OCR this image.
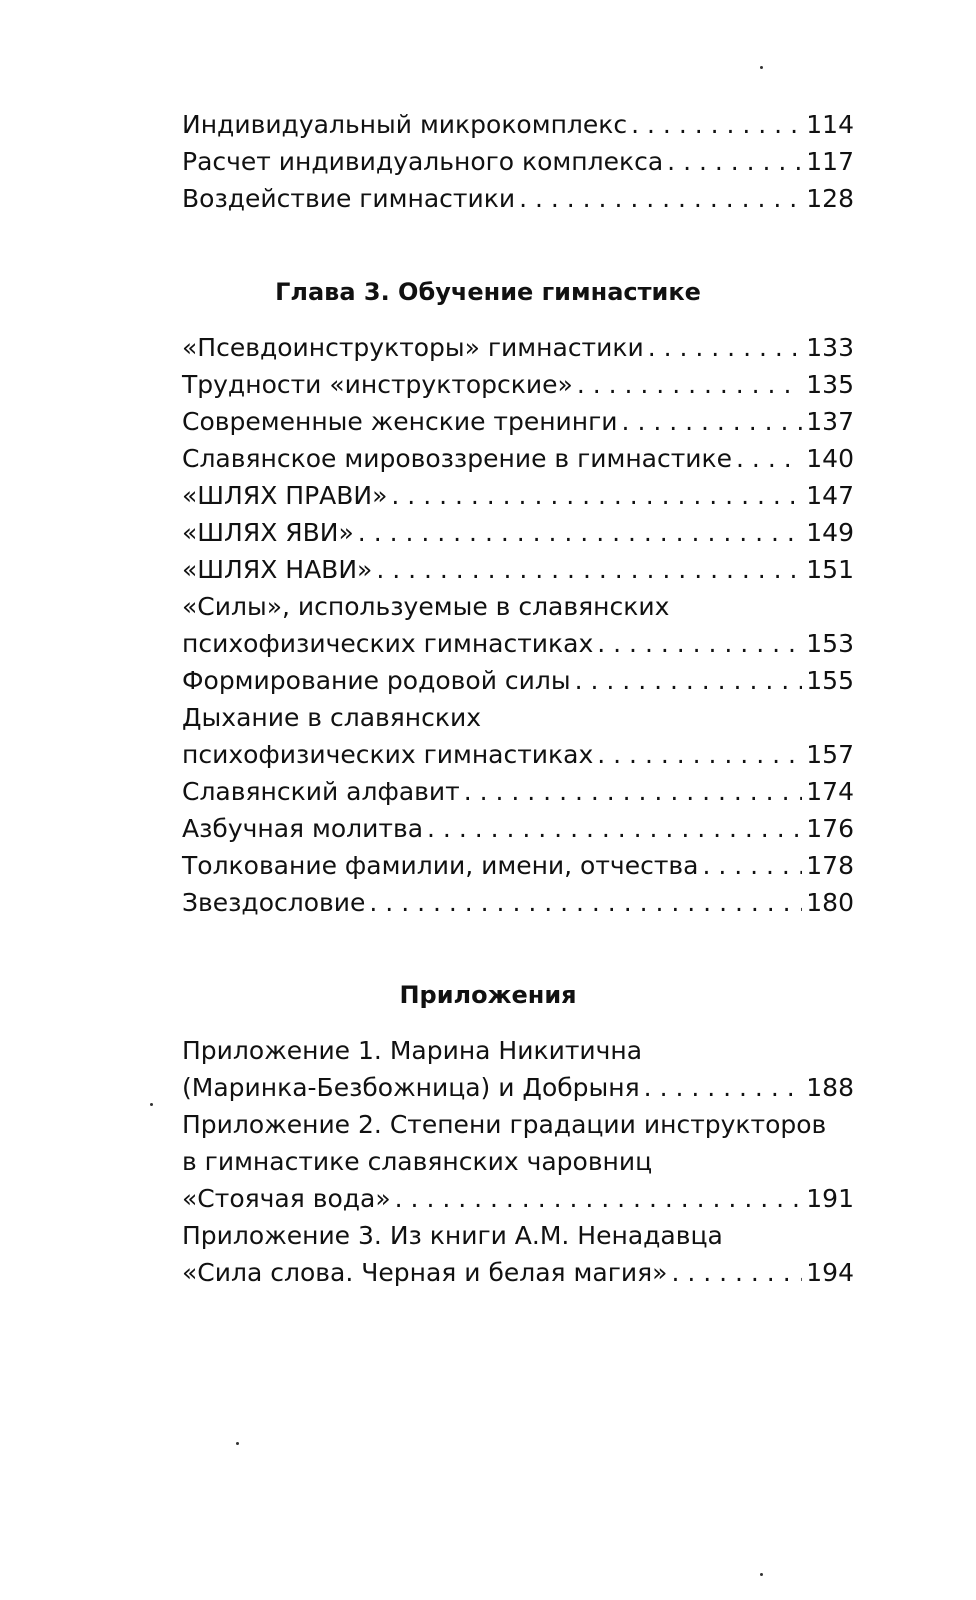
Индивидуальный микрокомплекс . . .	114
Расчет индивидуального комплекса . . .	117
Воздействие гимнастики . . .	128
Глава 3. Обучение гимнастике
«Псевдоинструкторы» гимнастики . . .	133
Трудности «инструкторские» . . .	135
Современные женские тренинги . . .	137
Славянское мировоззрение в гимнастике . . .	140
«ШЛЯХ ПРАВИ» . . .	147
«ШЛЯХ ЯВИ» . . .	149
«ШЛЯХ НАВИ» . . .	151
«Силы», используемые в славянских
психофизических гимнастиках . . .	153
Формирование родовой силы . . .	155
Дыхание в славянских
психофизических гимнастиках . . .	157
Славянский алфавит . . .	174
Азбучная молитва . . .	176
Толкование фамилии, имени, отчества . . .	178
Звездословие . . .	180
Приложения
Приложение 1. Марина Никитична
(Маринка-Безбожница) и Добрыня . . .	188
Приложение 2. Степени градации инструкторов
в гимнастике славянских чаровниц
«Стоячая вода» . . .	191
Приложение 3. Из книги А.М. Ненадавца
«Сила слова. Черная и белая магия» . . .	194
